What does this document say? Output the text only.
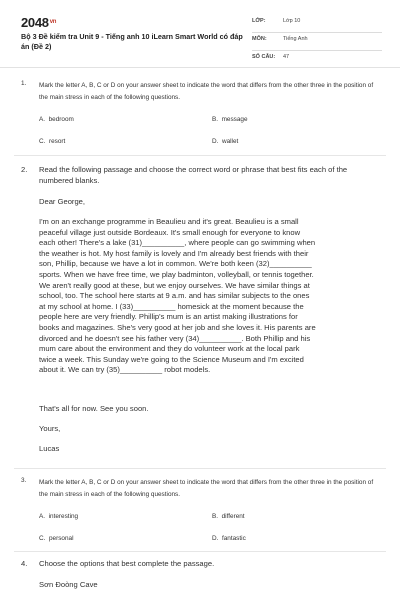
$2048^{vn}$
Bộ 3 Đề kiểm tra Unit 9 - Tiếng anh 10 iLearn Smart World có đáp án (Đề 2)
LỚP:	Lớp 10
MÔN:	Tiếng Anh
SỐ CÂU: 47
1. Mark the letter A, B, C or D on your answer sheet to indicate the word that differs from the other three in the position of the main stress in each of the following questions.
A. bedroom	B. message
C. resort	D. wallet
2. Read the following passage and choose the correct word or phrase that best fits each of the numbered blanks.
Dear George,
I'm on an exchange programme in Beaulieu and it's great. Beaulieu is a small
peaceful village just outside Bordeaux. It's small enough for everyone to know
each other! There's a lake (31)__________, where people can go swimming when
the weather is hot. My host family is lovely and I'm already best friends with their
son, Phillip, because we have a lot in common. We're both keen (32)__________
sports. When we have free time, we play badminton, volleyball, or tennis together.
We aren't really good at these, but we enjoy ourselves. We have similar things at
school, too. The school here starts at 9 a.m. and has similar subjects to the ones
at my school at home. I (33)__________ homesick at the moment because the
people here are very friendly. Phillip's mum is an artist making illustrations for
books and magazines. She's very good at her job and she loves it. His parents are
divorced and he doesn't see his father very (34)__________. Both Phillip and his
mum care about the environment and they do volunteer work at the local park
twice a week. This Sunday we're going to the Science Museum and I'm excited
about it. We can try (35)__________ robot models.
That's all for now. See you soon.
Yours,
Lucas
3. Mark the letter A, B, C or D on your answer sheet to indicate the word that differs from the other three in the position of the main stress in each of the following questions.
A. interesting	B. different
C. personal	D. fantastic
4. Choose the options that best complete the passage.
Sơn Đoòng Cave
